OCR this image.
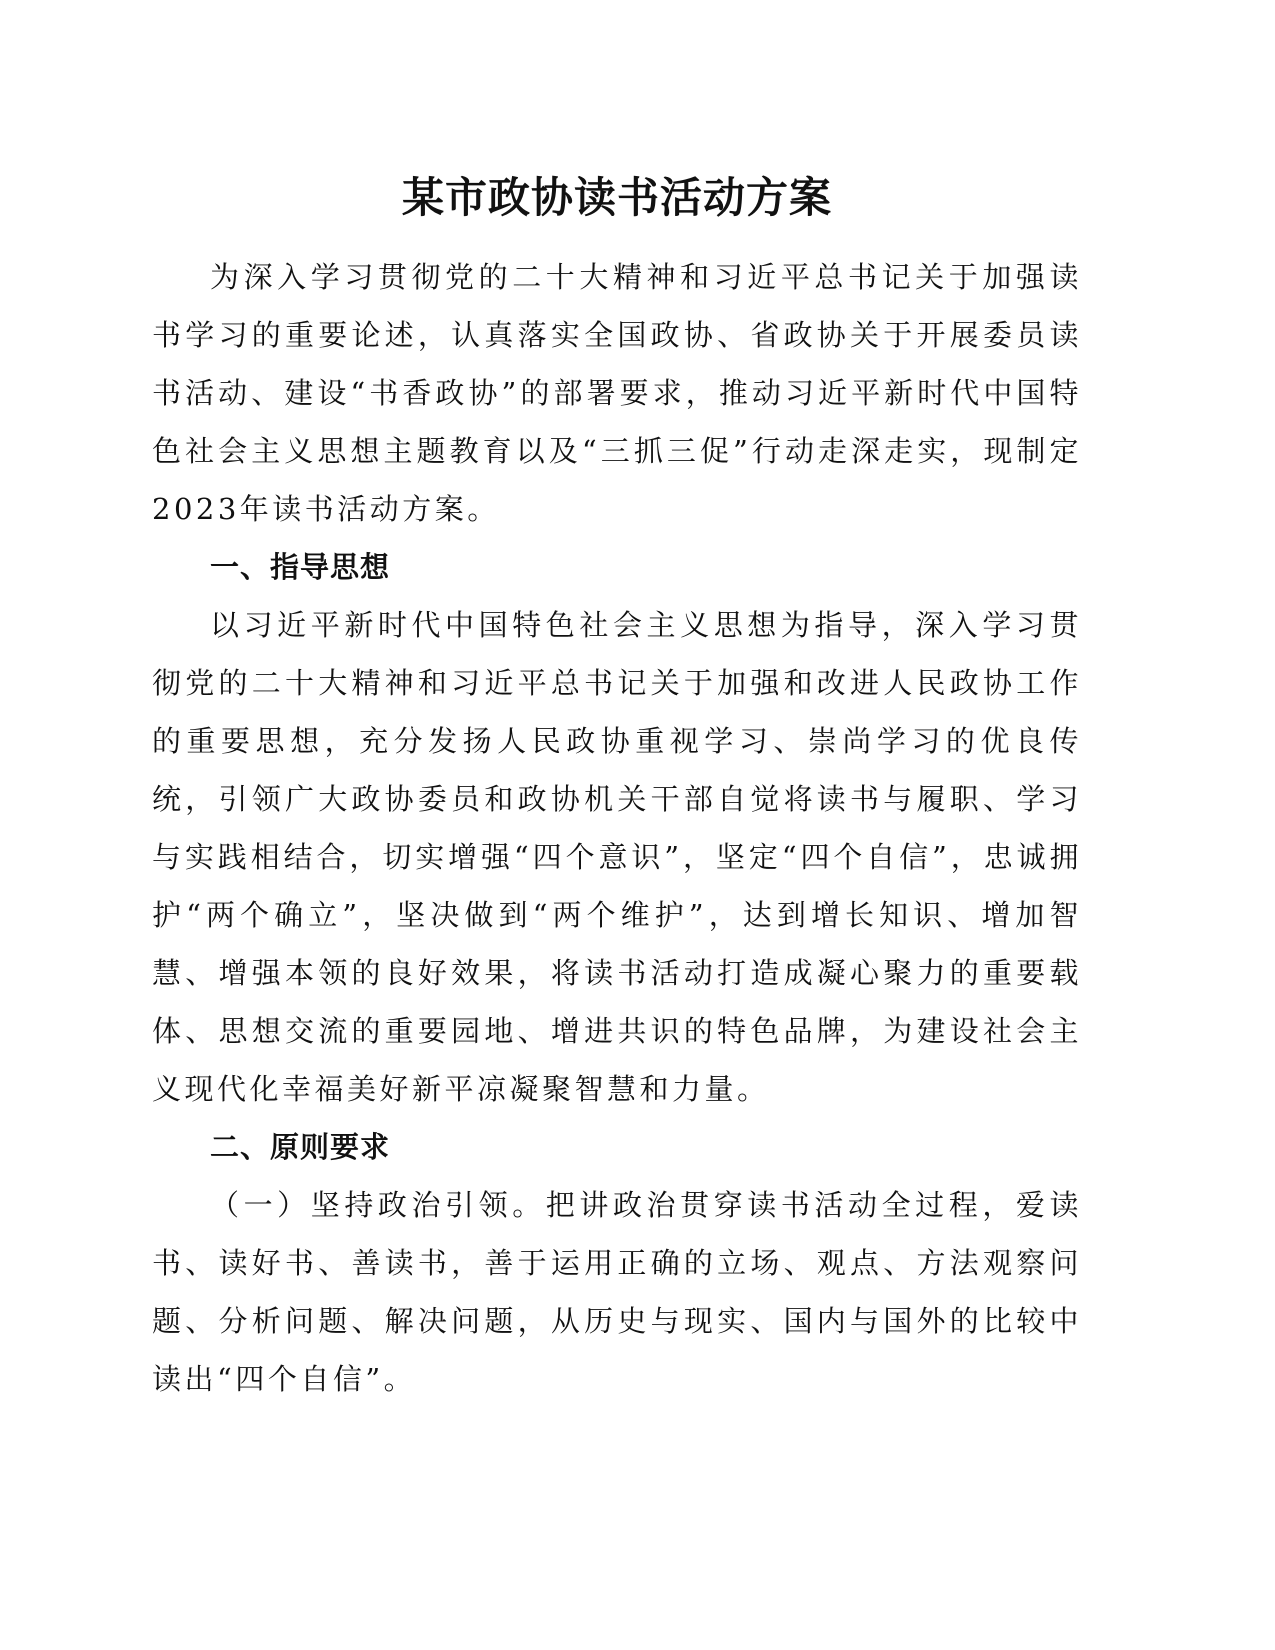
某市政协读书活动方案

为深入学习贯彻党的二十大精神和习近平总书记关于加强读书学习的重要论述，认真落实全国政协、省政协关于开展委员读书活动、建设“书香政协”的部署要求，推动习近平新时代中国特色社会主义思想主题教育以及“三抓三促”行动走深走实，现制定2023年读书活动方案。

一、指导思想

以习近平新时代中国特色社会主义思想为指导，深入学习贯彻党的二十大精神和习近平总书记关于加强和改进人民政协工作的重要思想，充分发扬人民政协重视学习、崇尚学习的优良传统，引领广大政协委员和政协机关干部自觉将读书与履职、学习与实践相结合，切实增强“四个意识”，坚定“四个自信”，忠诚拥护“两个确立”，坚决做到“两个维护”，达到增长知识、增加智慧、增强本领的良好效果，将读书活动打造成凝心聚力的重要载体、思想交流的重要园地、增进共识的特色品牌，为建设社会主义现代化幸福美好新平凉凝聚智慧和力量。

二、原则要求

（一）坚持政治引领。把讲政治贯穿读书活动全过程，爱读书、读好书、善读书，善于运用正确的立场、观点、方法观察问题、分析问题、解决问题，从历史与现实、国内与国外的比较中读出“四个自信”。
